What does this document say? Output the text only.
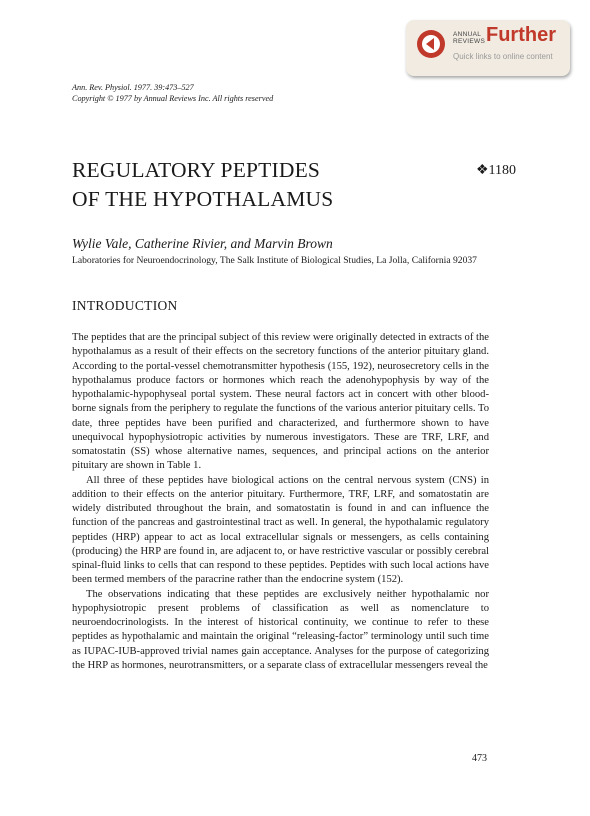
ANNUAL
REVIEWS Further
Quick links to online content
Ann. Rev. Physiol. 1977. 39:473–527
Copyright © 1977 by Annual Reviews Inc. All rights reserved
REGULATORY PEPTIDES
OF THE HYPOTHALAMUS
❖1180
Wylie Vale, Catherine Rivier, and Marvin Brown
Laboratories for Neuroendocrinology, The Salk Institute of Biological Studies, La Jolla, California 92037
INTRODUCTION

The peptides that are the principal subject of this review were originally detected in extracts of the hypothalamus as a result of their effects on the secretory functions of the anterior pituitary gland. According to the portal-vessel chemotransmitter hypothesis (155, 192), neurosecretory cells in the hypothalamus produce factors or hormones which reach the adenohypophysis by way of the hypothalamic-hypophyseal portal system. These neural factors act in concert with other blood-borne signals from the periphery to regulate the functions of the various anterior pituitary cells. To date, three peptides have been purified and characterized, and furthermore shown to have unequivocal hypophysiotropic activities by numerous investigators. These are TRF, LRF, and somatostatin (SS) whose alternative names, sequences, and principal actions on the anterior pituitary are shown in Table 1.

All three of these peptides have biological actions on the central nervous system (CNS) in addition to their effects on the anterior pituitary. Furthermore, TRF, LRF, and somatostatin are widely distributed throughout the brain, and somatostatin is found in and can influence the function of the pancreas and gastrointestinal tract as well. In general, the hypothalamic regulatory peptides (HRP) appear to act as local extracellular signals or messengers, as cells containing (producing) the HRP are found in, are adjacent to, or have restrictive vascular or possibly cerebral spinal-fluid links to cells that can respond to these peptides. Peptides with such local actions have been termed members of the paracrine rather than the endocrine system (152).

The observations indicating that these peptides are exclusively neither hypothalamic nor hypophysiotropic present problems of classification as well as nomenclature to neuroendocrinologists. In the interest of historical continuity, we continue to refer to these peptides as hypothalamic and maintain the original “releasing-factor” terminology until such time as IUPAC-IUB-approved trivial names gain acceptance. Analyses for the purpose of categorizing the HRP as hormones, neurotransmitters, or a separate class of extracellular messengers reveal the

473
